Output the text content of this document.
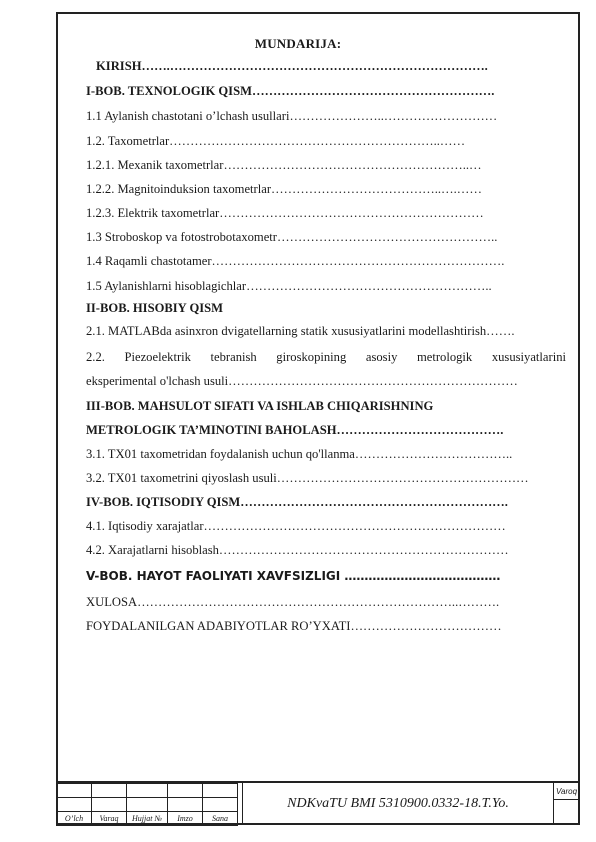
MUNDARIJA:
KIRISH…….………………………………………………………………….
I-BOB. TEXNOLOGIK QISM………………………………………………….
1.1 Aylanish chastotani o’lchash usullari…………………..………………………
1.2. Taxometrlar………………………………………………………..……
1.2.1. Mexanik taxometrlar…………………………………………………..…
1.2.2. Magnitoinduksion taxometrlar…………………………………..….……
1.2.3. Elektrik taxometrlar………………………………………………………
1.3 Stroboskop va fotostrobotaxometr……………………………………………..
1.4 Raqamli chastotamer…………………………………………………………….
1.5 Aylanishlarni hisoblagichlar…………………………………………………..
II-BOB. HISOBIY QISM
2.1. MATLABda asinxron dvigatellarning statik xususiyatlarini modellashtirish…….
2.2. Piezoelektrik tebranish giroskopining asosiy metrologik xususiyatlarini
eksperimental o'lchash usuli……………………………………………………………
III-BOB. MAHSULOT SIFATI VA ISHLAB CHIQARISHNING
METROLOGIK TA’MINOTINI BAHOLASH………………………………….
3.1. TX01 taxometridan foydalanish uchun qo'llanma………………………………..
3.2. TX01 taxometrini qiyoslash usuli……………………………………………………
IV-BOB. IQTISODIY QISM……………………………………………………….
4.1. Iqtisodiy xarajatlar………………………………………………………………
4.2. Xarajatlarni hisoblash……………………………………………………………
V-BOB. HAYOT FAOLIYATI XAVFSIZLIGI …………………………………
XULOSA…………………………………………………………………..……….
FOYDALANILGAN ADABIYOTLAR RO’YXATI………………………………

O’lch	Varaq	Hujjat №	Imzo	Sana
NDKvaTU BMI 5310900.0332-18.T.Yo.
Varoq
